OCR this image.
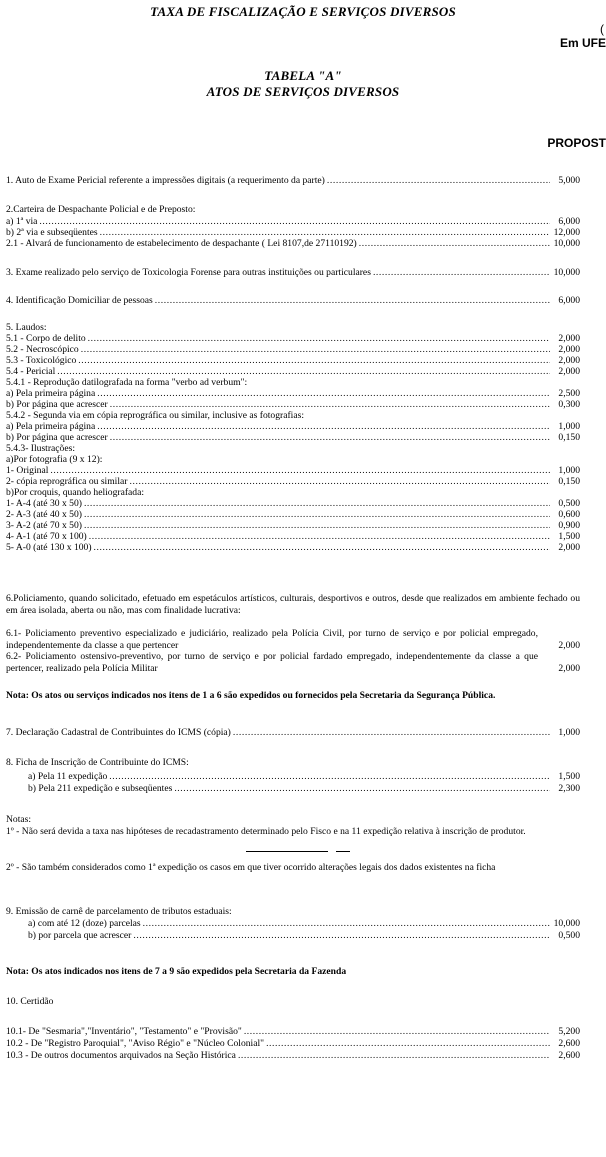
TAXA DE FISCALIZAÇÃO E SERVIÇOS DIVERSOS
(
Em UFE
TABELA "A"
ATOS DE SERVIÇOS DIVERSOS
PROPOST
1. Auto de Exame Pericial referente a impressões digitais (a requerimento da parte) .....	5,000
2.Carteira de Despachante Policial e de Preposto:
a) 1ª via .....	6,000
b) 2ª via e subseqüentes .....	12,000
2.1 - Alvará de funcionamento de estabelecimento de despachante ( Lei 8107,de 27110192) .....	10,000
3. Exame realizado pelo serviço de Toxicologia Forense para outras instituições ou particulares .....	10,000
4. Identificação Domiciliar de pessoas .....	6,000
5. Laudos:
5.1 - Corpo de delito .....	2,000
5.2 - Necroscópico .....	2,000
5.3 - Toxicológico .....	2,000
5.4 - Pericial .....	2,000
5.4.1 - Reprodução datilografada na forma "verbo ad verbum":
a) Pela primeira página .....	2,500
b) Por página que acrescer .....	0,300
5.4.2 - Segunda via em cópia reprográfica ou similar, inclusive as fotografias:
a) Pela primeira página .....	1,000
b) Por página que acrescer .....	0,150
5.4.3- Ilustrações:
a)Por fotografia (9 x 12):
1- Original .....	1,000
2- cópia reprográfica ou similar .....	0,150
b)Por croquis, quando heliografada:
1- A-4 (até 30 x 50) .....	0,500
2- A-3 (até 40 x 50) .....	0,600
3- A-2 (até 70 x 50) .....	0,900
4- A-1 (até 70 x 100) .....	1,500
5- A-0 (até 130 x 100) .....	2,000
6.Policiamento, quando solicitado, efetuado em espetáculos artísticos, culturais, desportivos e outros, desde que realizados em ambiente fechado ou em área isolada, aberta ou não, mas com finalidade lucrativa:
6.1- Policiamento preventivo especializado e judiciário, realizado pela Polícia Civil, por turno de serviço e por policial empregado, independentemente da classe a que pertencer	2,000
6.2- Policiamento ostensivo-preventivo, por turno de serviço e por policial fardado empregado, independentemente da classe a que pertencer, realizado pela Polícia Militar	2,000
Nota: Os atos ou serviços indicados nos itens de 1 a 6 são expedidos ou fornecidos pela Secretaria da Segurança Pública.
7. Declaração Cadastral de Contribuintes do ICMS (cópia) .....	1,000
8. Ficha de Inscrição de Contribuinte do ICMS:
a) Pela 11 expedição .....	1,500
b) Pela 211 expedição e subseqüentes .....	2,300
Notas:
1º - Não será devida a taxa nas hipóteses de recadastramento determinado pelo Fisco e na 11 expedição relativa à inscrição de produtor.
2º - São também considerados como 1ª expedição os casos em que tiver ocorrido alterações legais dos dados existentes na ficha
9. Emissão de carnê de parcelamento de tributos estaduais:
a) com até 12 (doze) parcelas .....	10,000
b) por parcela que acrescer .....	0,500
Nota: Os atos indicados nos itens de 7 a 9 são expedidos pela Secretaria da Fazenda
10. Certidão
10.1- De "Sesmaria","Inventário", "Testamento" e "Provisão" .....	5,200
10.2 - De "Registro Paroquial", "Aviso Régio" e "Núcleo Colonial" .....	2,600
10.3 - De outros documentos arquivados na Seção Histórica .....	2,600
